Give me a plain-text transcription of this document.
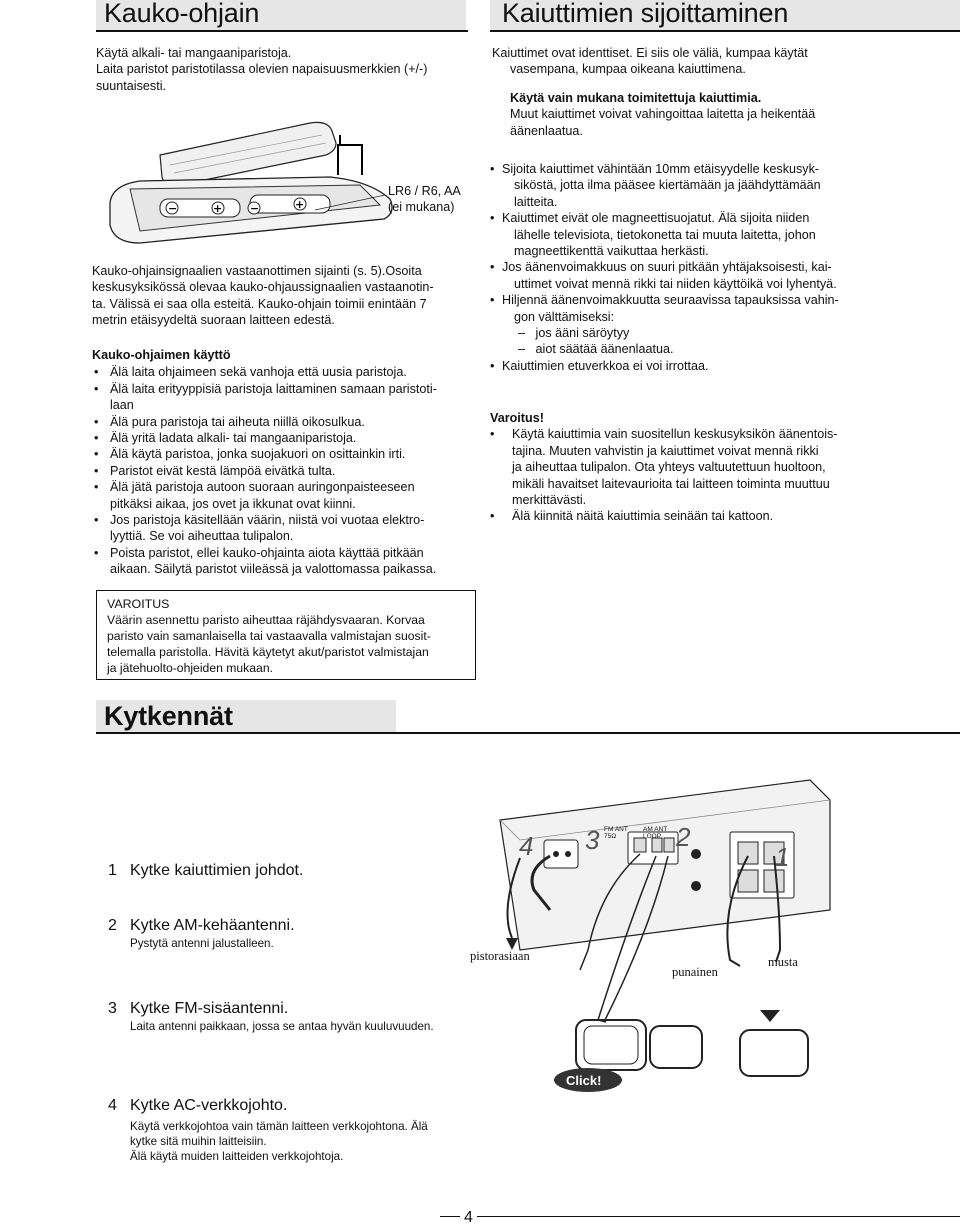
Kauko-ohjain	Kaiuttimien sijoittaminen
Käytä alkali- tai mangaaniparistoja.
Laita paristot paristotilassa olevien napaisuusmerkkien (+/-)
suuntaisesti.
−	+	−	+
LR6 / R6, AA
(ei mukana)
Kauko-ohjainsignaalien vastaanottimen sijainti (s. 5).Osoita
keskusyksikössä olevaa kauko-ohjaussignaalien vastaanotin-
ta. Välissä ei saa olla esteitä. Kauko-ohjain toimii enintään 7
metrin etäisyydeltä suoraan laitteen edestä.
Kauko-ohjaimen käyttö
• Älä laita ohjaimeen sekä vanhoja että uusia paristoja.
• Älä laita erityyppisiä paristoja laittaminen samaan paristoti-
laan
• Älä pura paristoja tai aiheuta niillä oikosulkua.
• Älä yritä ladata alkali- tai mangaaniparistoja.
• Älä käytä paristoa, jonka suojakuori on osittainkin irti.
• Paristot eivät kestä lämpöä eivätkä tulta.
• Älä jätä paristoja autoon suoraan auringonpaisteeseen
pitkäksi aikaa, jos ovet ja ikkunat ovat kiinni.
• Jos paristoja käsitellään väärin, niistä voi vuotaa elektro-
lyyttiä. Se voi aiheuttaa tulipalon.
• Poista paristot, ellei kauko-ohjainta aiota käyttää pitkään
aikaan. Säilytä paristot viileässä ja valottomassa paikassa.
VAROITUS
Väärin asennettu paristo aiheuttaa räjähdysvaaran. Korvaa
paristo vain samanlaisella tai vastaavalla valmistajan suosit-
telemalla paristolla. Hävitä käytetyt akut/paristot valmistajan
ja jätehuolto-ohjeiden mukaan.
Kaiuttimet ovat identtiset. Ei siis ole väliä, kumpaa käytät
vasempana, kumpaa oikeana kaiuttimena.
Käytä vain mukana toimitettuja kaiuttimia.
Muut kaiuttimet voivat vahingoittaa laitetta ja heikentää
äänenlaatua.
• Sijoita kaiuttimet vähintään 10mm etäisyydelle keskusyk-
siköstä, jotta ilma pääsee kiertämään ja jäähdyttämään
laitteita.
• Kaiuttimet eivät ole magneettisuojatut. Älä sijoita niiden
lähelle televisiota, tietokonetta tai muuta laitetta, johon
magneettikenttä vaikuttaa herkästi.
• Jos äänenvoimakkuus on suuri pitkään yhtäjaksoisesti, kai-
uttimet voivat mennä rikki tai niiden käyttöikä voi lyhentyä.
• Hiljennä äänenvoimakkuutta seuraavissa tapauksissa vahin-
gon välttämiseksi:
–   jos ääni säröytyy
–   aiot säätää äänenlaatua.
• Kaiuttimien etuverkkoa ei voi irrottaa.
Varoitus!
• Käytä kaiuttimia vain suositellun keskusyksikön äänentois-
tajina. Muuten vahvistin ja kaiuttimet voivat mennä rikki
ja aiheuttaa tulipalon. Ota yhteys valtuutettuun huoltoon,
mikäli havaitset laitevaurioita tai laitteen toiminta muuttuu
merkittävästi.
• Älä kiinnitä näitä kaiuttimia seinään tai kattoon.
Kytkennät
1 Kytke kaiuttimien johdot.
2 Kytke AM-kehäantenni.
Pystytä antenni jalustalleen.
3 Kytke FM-sisäantenni.
Laita antenni paikkaan, jossa se antaa hyvän kuuluvuuden.
4 Kytke AC-verkkojohto.
Käytä verkkojohtoa vain tämän laitteen verkkojohtona. Älä
kytke sitä muihin laitteisiin.
Älä käytä muiden laitteiden verkkojohtoja.
4 3	2
1
FM ANT
75Ω
AM ANT
LOOP
pistorasiaan
punainen
musta
Click!
4
